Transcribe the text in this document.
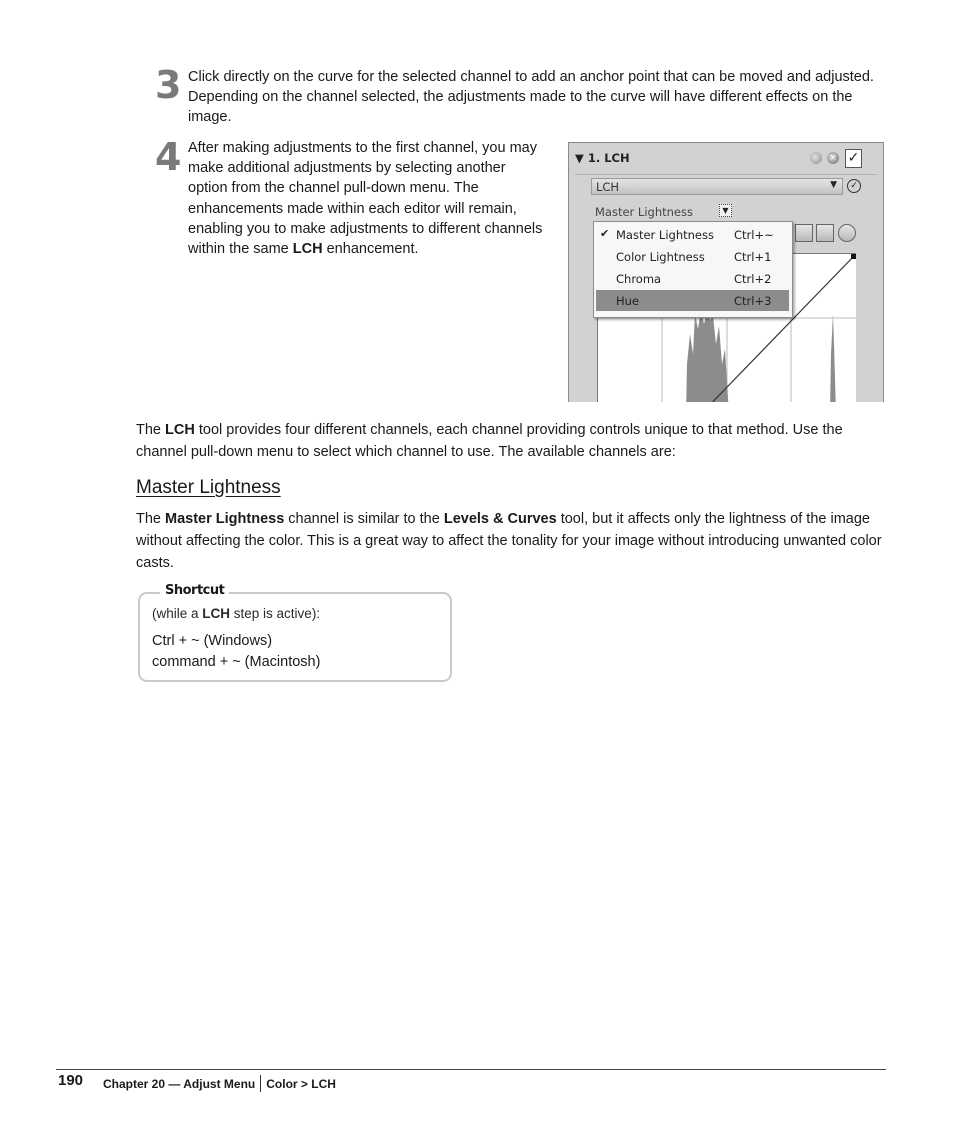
3 Click directly on the curve for the selected channel to add an anchor point that can be moved and adjusted. Depending on the channel selected, the adjustments made to the curve will have different effects on the image.
4 After making adjustments to the first channel, you may make additional adjustments by selecting another option from the channel pull-down menu. The enhancements made within each editor will remain, enabling you to make adjustments to different channels within the same LCH enhancement.
▼ 1. LCH	× ✓
LCH	▼	✓
Master Lightness	▼
✔ Master Lightness Ctrl+~
Color Lightness	Ctrl+1
Chroma	Ctrl+2
Hue	Ctrl+3
The LCH tool provides four different channels, each channel providing controls unique to that method. Use the channel pull-down menu to select which channel to use. The available channels are:
Master Lightness
The Master Lightness channel is similar to the Levels & Curves tool, but it affects only the lightness of the image without affecting the color. This is a great way to affect the tonality for your image without introducing unwanted color casts.
Shortcut
(while a LCH step is active):
Ctrl + ~ (Windows)
command + ~ (Macintosh)
190 Chapter 20 — Adjust Menu Color > LCH
